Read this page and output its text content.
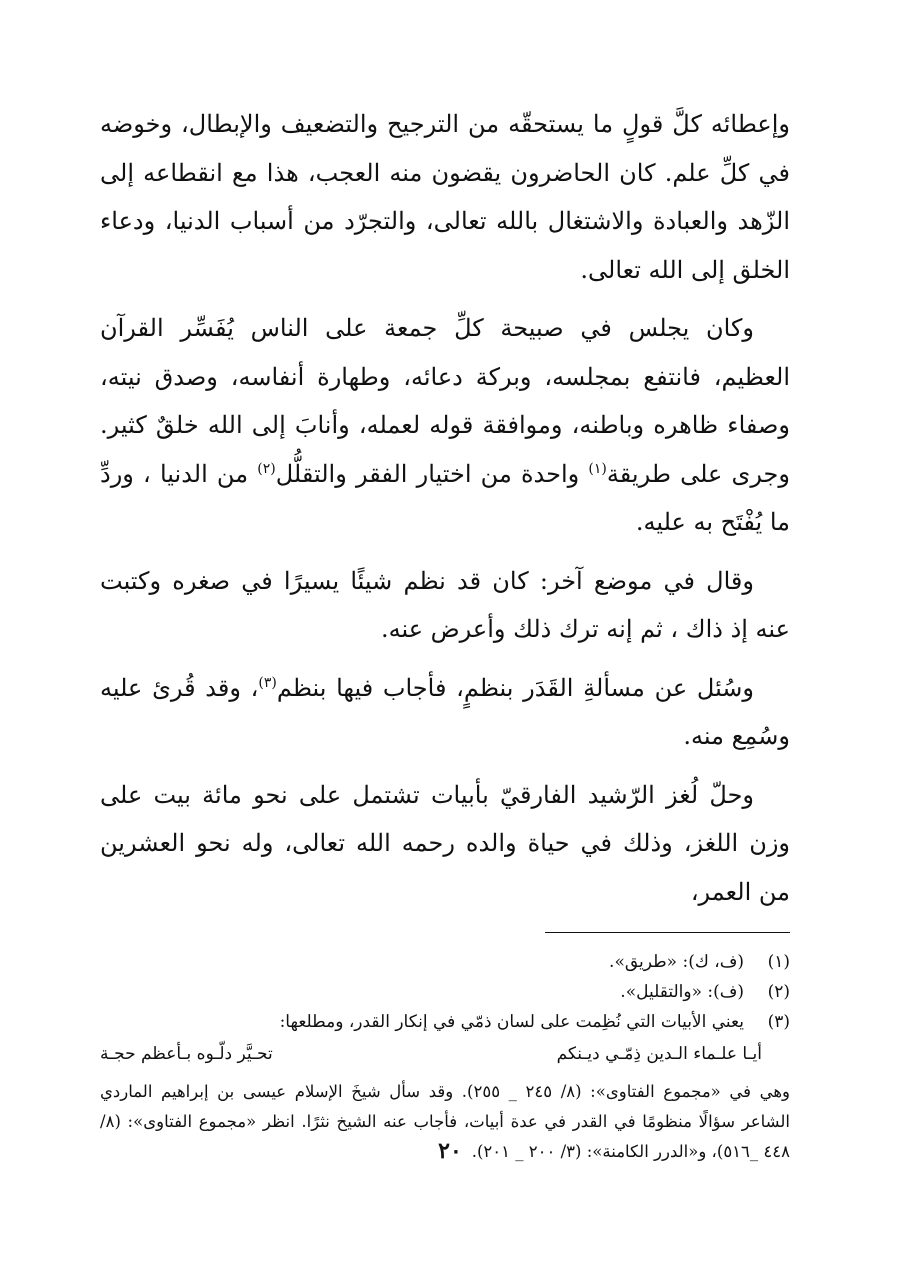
وإعطائه كلَّ قولٍ ما يستحقّه من الترجيح والتضعيف والإبطال، وخوضه في كلِّ علم. كان الحاضرون يقضون منه العجب، هذا مع انقطاعه إلى الزّهد والعبادة والاشتغال بالله تعالى، والتجرّد من أسباب الدنيا، ودعاء الخلق إلى الله تعالى.

وكان يجلس في صبيحة كلِّ جمعة على الناس يُفَسِّر القرآن العظيم، فانتفع بمجلسه، وبركة دعائه، وطهارة أنفاسه، وصدق نيته، وصفاء ظاهره وباطنه، وموافقة قوله لعمله، وأنابَ إلى الله خلقٌ كثير. وجرى على طريقة$^{(١)}$ واحدة من اختيار الفقر والتقلُّل$^{(٢)}$ من الدنيا ، وردِّ ما يُفْتَح به عليه.

وقال في موضع آخر: كان قد نظم شيئًا يسيرًا في صغره وكتبت عنه إذ ذاك ، ثم إنه ترك ذلك وأعرض عنه.

وسُئل عن مسألةِ القَدَر بنظمٍ، فأجاب فيها بنظم$^{(٣)}$، وقد قُرئ عليه وسُمِع منه.

وحلّ لُغز الرّشيد الفارقيّ بأبيات تشتمل على نحو مائة بيت على وزن اللغز، وذلك في حياة والده رحمه الله تعالى، وله نحو العشرين من العمر،

(١)
(ف، ك): «طريق».
(٢)
(ف): «والتقليل».
(٣)
يعني الأبيات التي نُظِمت على لسان ذمّي في إنكار القدر، ومطلعها:
أيـا علـماء الـدين ذِمّـي ديـنكم
تحـيَّر دلّـوه بـأعظم حجـة

وهي في «مجموع الفتاوى»: (٨/ ٢٤٥ _ ٢٥٥). وقد سأل شيخَ الإسلام عيسى بن إبراهيم الماردي الشاعر سؤالًا منظومًا في القدر في عدة أبيات، فأجاب عنه الشيخ نثرًا. انظر «مجموع الفتاوى»: (٨/ ٤٤٨ _٥١٦)، و«الدرر الكامنة»: (٣/ ٢٠٠ _ ٢٠١).

٢٠
